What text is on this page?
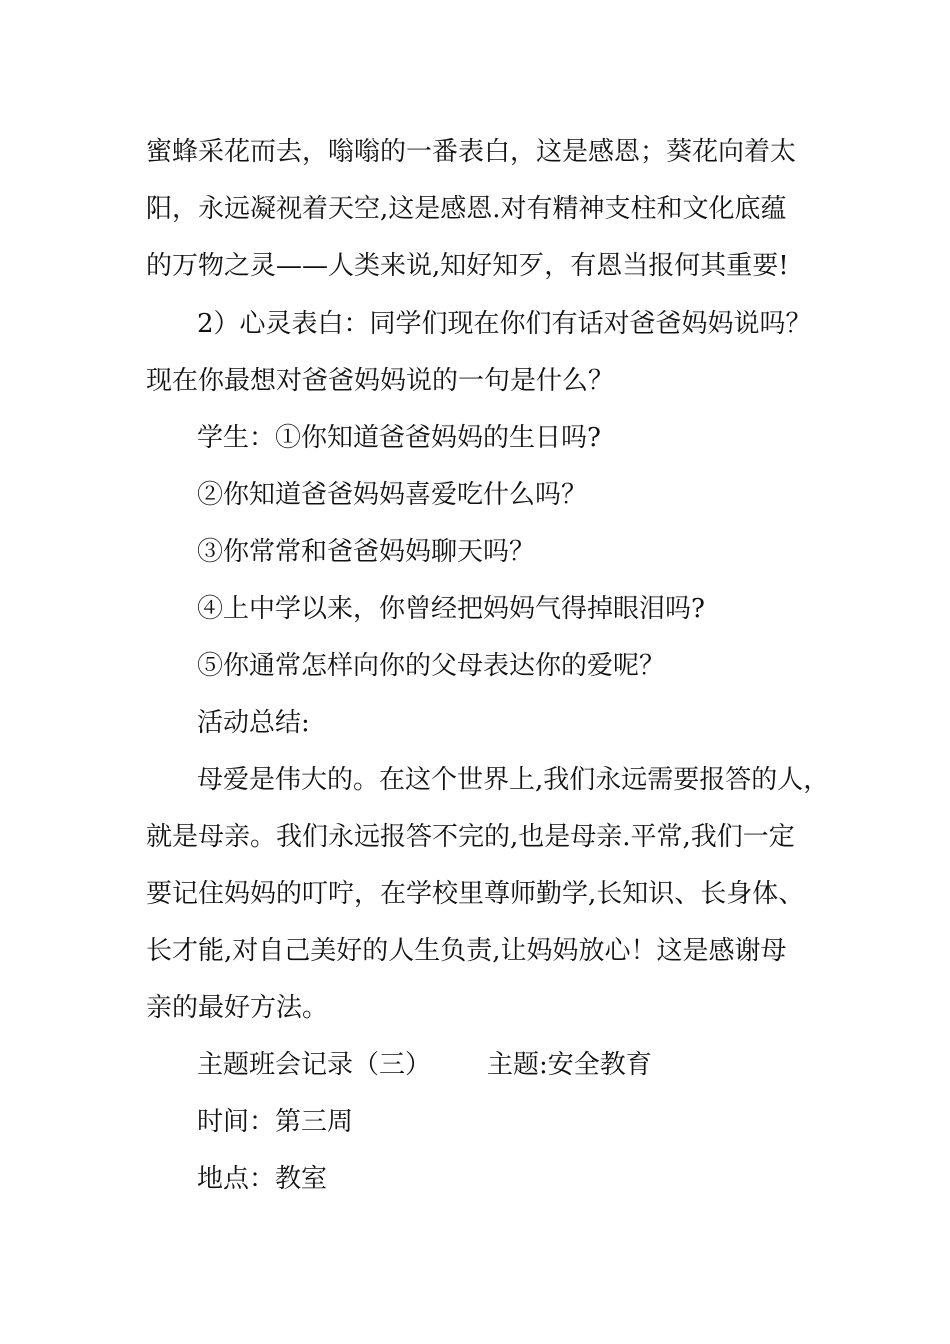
蜜蜂采花而去，嗡嗡的一番表白，这是感恩；葵花向着太
阳，永远凝视着天空,这是感恩.对有精神支柱和文化底蕴
的万物之灵——人类来说,知好知歹，有恩当报何其重要!
2）心灵表白：同学们现在你们有话对爸爸妈妈说吗？
现在你最想对爸爸妈妈说的一句是什么？
学生：①你知道爸爸妈妈的生日吗?
②你知道爸爸妈妈喜爱吃什么吗？
③你常常和爸爸妈妈聊天吗？
④上中学以来，你曾经把妈妈气得掉眼泪吗?
⑤你通常怎样向你的父母表达你的爱呢？
活动总结:
母爱是伟大的。在这个世界上,我们永远需要报答的人，
就是母亲。我们永远报答不完的,也是母亲.平常,我们一定
要记住妈妈的叮咛，在学校里尊师勤学,长知识、长身体、
长才能,对自己美好的人生负责,让妈妈放心！这是感谢母
亲的最好方法。
主题班会记录（三） 主题:安全教育
时间：第三周
地点：教室
